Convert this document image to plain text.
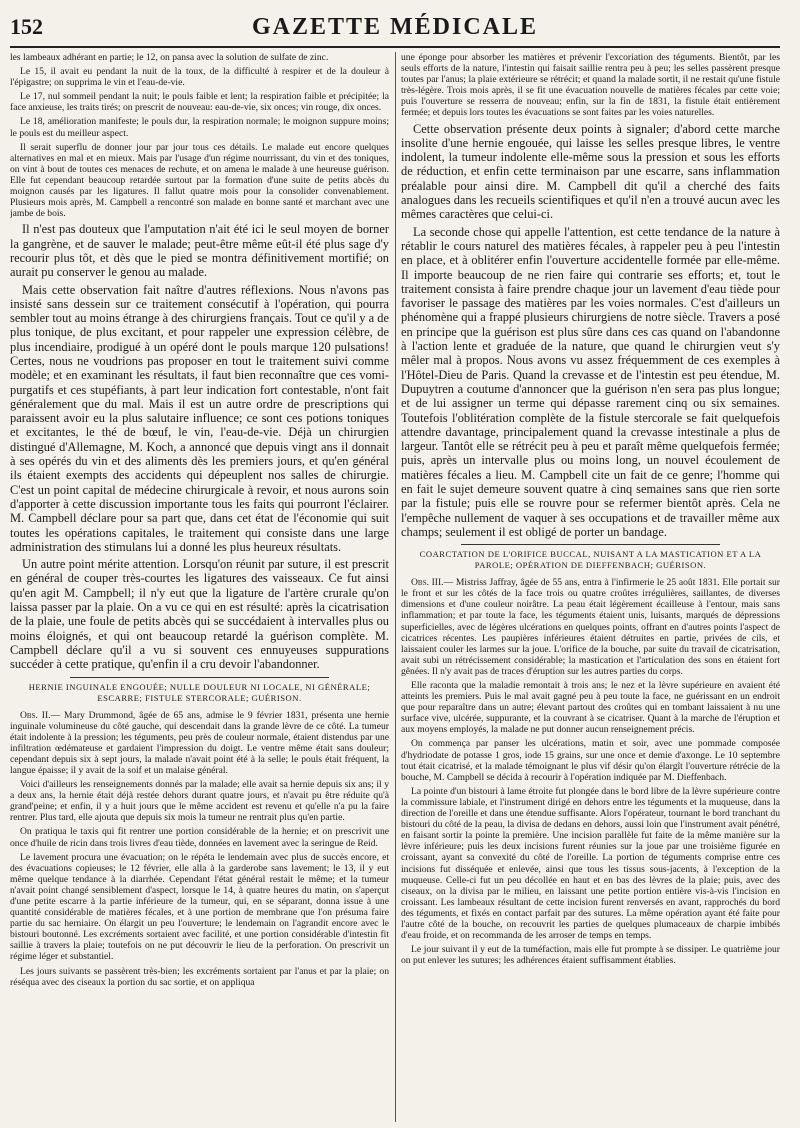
152	GAZETTE MÉDICALE

les lambeaux adhérant en partie; le 12, on pansa avec la solution de sulfate de zinc.

Le 15, il avait eu pendant la nuit de la toux, de la difficulté à respirer et de la douleur à l'épigastre; on supprima le vin et l'eau-de-vie.

Le 17, nul sommeil pendant la nuit; le pouls faible et lent; la respiration faible et précipitée; la face anxieuse, les traits tirés; on prescrit de nouveau: eau-de-vie, six onces; vin rouge, dix onces.

Le 18, amélioration manifeste; le pouls dur, la respiration normale; le moignon suppure moins; le pouls est du meilleur aspect.

Il serait superflu de donner jour par jour tous ces détails. Le malade eut encore quelques alternatives en mal et en mieux. Mais par l'usage d'un régime nourrissant, du vin et des toniques, on vint à bout de toutes ces menaces de rechute, et on amena le malade à une heureuse guérison. Elle fut cependant beaucoup retardée surtout par la formation d'une suite de petits abcès du moignon causés par les ligatures. Il fallut quatre mois pour la consolider convenablement. Plusieurs mois après, M. Campbell a rencontré son malade en bonne santé et marchant avec une jambe de bois.

Il n'est pas douteux que l'amputation n'ait été ici le seul moyen de borner la gangrène, et de sauver le malade; peut-être même eût-il été plus sage d'y recourir plus tôt, et dès que le pied se montra définitivement mortifié; on aurait pu conserver le genou au malade.

Mais cette observation fait naître d'autres réflexions. Nous n'avons pas insisté sans dessein sur ce traitement consécutif à l'opération, qui pourra sembler tout au moins étrange à des chirurgiens français. Tout ce qu'il y a de plus tonique, de plus excitant, et pour rappeler une expression célèbre, de plus incendiaire, prodigué à un opéré dont le pouls marque 120 pulsations! Certes, nous ne voudrions pas proposer en tout le traitement suivi comme modèle; et en examinant les résultats, il faut bien reconnaître que ces vomi-purgatifs et ces stupéfiants, à part leur indication fort contestable, n'ont fait généralement que du mal. Mais il est un autre ordre de prescriptions qui paraissent avoir eu la plus salutaire influence; ce sont ces potions toniques et excitantes, le thé de bœuf, le vin, l'eau-de-vie. Déjà un chirurgien distingué d'Allemagne, M. Koch, a annoncé que depuis vingt ans il donnait à ses opérés du vin et des aliments dès les premiers jours, et qu'en général ils étaient exempts des accidents qui dépeuplent nos salles de chirurgie. C'est un point capital de médecine chirurgicale à revoir, et nous aurons soin d'apporter à cette discussion importante tous les faits qui pourront l'éclairer. M. Campbell déclare pour sa part que, dans cet état de l'économie qui suit toutes les opérations capitales, le traitement qui consiste dans une large administration des stimulans lui a donné les plus heureux résultats.

Un autre point mérite attention. Lorsqu'on réunit par suture, il est prescrit en général de couper très-courtes les ligatures des vaisseaux. Ce fut ainsi qu'en agit M. Campbell; il n'y eut que la ligature de l'artère crurale qu'on laissa passer par la plaie. On a vu ce qui en est résulté: après la cicatrisation de la plaie, une foule de petits abcès qui se succédaient à intervalles plus ou moins éloignés, et qui ont beaucoup retardé la guérison complète. M. Campbell déclare qu'il a vu si souvent ces ennuyeuses suppurations succéder à cette pratique, qu'enfin il a cru devoir l'abandonner.

HERNIE INGUINALE ENGOUÉE; NULLE DOULEUR NI LOCALE, NI GÉNÉRALE; ESCARRE; FISTULE STERCORALE; GUÉRISON.

Obs. II.— Mary Drummond, âgée de 65 ans, admise le 9 février 1831, présenta une hernie inguinale volumineuse du côté gauche, qui descendait dans la grande lèvre de ce côté. La tumeur était indolente à la pression; les téguments, peu près de couleur normale, étaient distendus par une infiltration œdémateuse et gardaient l'impression du doigt. Le ventre même était sans douleur; cependant depuis six à sept jours, la malade n'avait point été à la selle; le pouls était fréquent, la langue épaisse; il y avait de la soif et un malaise général.

Voici d'ailleurs les renseignements donnés par la malade; elle avait sa hernie depuis six ans; il y a deux ans, la hernie était déjà restée dehors durant quatre jours, et n'avait pu être réduite qu'à grand'peine; et enfin, il y a huit jours que le même accident est revenu et qu'elle n'a pu la faire rentrer. Plus tard, elle ajouta que depuis six mois la tumeur ne rentrait plus qu'en partie.

On pratiqua le taxis qui fit rentrer une portion considérable de la hernie; et on prescrivit une once d'huile de ricin dans trois livres d'eau tiède, données en lavement avec la seringue de Reid.

Le lavement procura une évacuation; on le répéta le lendemain avec plus de succès encore, et des évacuations copieuses; le 12 février, elle alla à la garderobe sans lavement; le 13, il y eut même quelque tendance à la diarrhée. Cependant l'état général restait le même; et la tumeur n'avait point changé sensiblement d'aspect, lorsque le 14, à quatre heures du matin, on s'aperçut d'une petite escarre à la partie inférieure de la tumeur, qui, en se séparant, donna issue à une quantité considérable de matières fécales, et à une portion de membrane que l'on présuma faire partie du sac herniaire. On élargit un peu l'ouverture; le lendemain on l'agrandit encore avec le bistouri boutonné. Les excréments sortaient avec facilité, et une portion considérable d'intestin fit saillie à travers la plaie; toutefois on ne put découvrir le lieu de la perforation. On prescrivit un régime léger et substantiel.

Les jours suivants se passèrent très-bien; les excréments sortaient par l'anus et par la plaie; on réséqua avec des ciseaux la portion du sac sortie, et on appliqua

une éponge pour absorber les matières et prévenir l'excoriation des téguments. Bientôt, par les seuls efforts de la nature, l'intestin qui faisait saillie rentra peu à peu; les selles passèrent presque toutes par l'anus; la plaie extérieure se rétrécit; et quand la malade sortit, il ne restait qu'une fistule très-légère. Trois mois après, il se fit une évacuation nouvelle de matières fécales par cette voie; puis l'ouverture se resserra de nouveau; enfin, sur la fin de 1831, la fistule était entièrement fermée; et depuis lors toutes les évacuations se sont faites par les voies naturelles.

Cette observation présente deux points à signaler; d'abord cette marche insolite d'une hernie engouée, qui laisse les selles presque libres, le ventre indolent, la tumeur indolente elle-même sous la pression et sous les efforts de réduction, et enfin cette terminaison par une escarre, sans inflammation préalable pour ainsi dire. M. Campbell dit qu'il a cherché des faits analogues dans les recueils scientifiques et qu'il n'en a trouvé aucun avec les mêmes caractères que celui-ci.

La seconde chose qui appelle l'attention, est cette tendance de la nature à rétablir le cours naturel des matières fécales, à rappeler peu à peu l'intestin en place, et à oblitérer enfin l'ouverture accidentelle formée par elle-même. Il importe beaucoup de ne rien faire qui contrarie ses efforts; et, tout le traitement consista à faire prendre chaque jour un lavement d'eau tiède pour favoriser le passage des matières par les voies normales. C'est d'ailleurs un phénomène qui a frappé plusieurs chirurgiens de notre siècle. Travers a posé en principe que la guérison est plus sûre dans ces cas quand on l'abandonne à l'action lente et graduée de la nature, que quand le chirurgien veut s'y mêler mal à propos. Nous avons vu assez fréquemment de ces exemples à l'Hôtel-Dieu de Paris. Quand la crevasse et de l'intestin est peu étendue, M. Dupuytren a coutume d'annoncer que la guérison n'en sera pas plus longue; et de lui assigner un terme qui dépasse rarement cinq ou six semaines. Toutefois l'oblitération complète de la fistule stercorale se fait quelquefois attendre davantage, principalement quand la crevasse intestinale a plus de largeur. Tantôt elle se rétrécit peu à peu et paraît même quelquefois fermée; puis, après un intervalle plus ou moins long, un nouvel écoulement de matières fécales a lieu. M. Campbell cite un fait de ce genre; l'homme qui en fait le sujet demeure souvent quatre à cinq semaines sans que rien sorte par la fistule; puis elle se rouvre pour se refermer bientôt après. Cela ne l'empêche nullement de vaquer à ses occupations et de travailler même aux champs; seulement il est obligé de porter un bandage.

COARCTATION DE L'ORIFICE BUCCAL, NUISANT A LA MASTICATION ET A LA PAROLE; OPÉRATION DE DIEFFENBACH; GUÉRISON.

Obs. III.— Mistriss Jaffray, âgée de 55 ans, entra à l'infirmerie le 25 août 1831. Elle portait sur le front et sur les côtés de la face trois ou quatre croûtes irrégulières, saillantes, de diverses dimensions et d'une couleur noirâtre. La peau était légèrement écailleuse à l'entour, mais sans inflammation; et par toute la face, les téguments étaient unis, luisants, marqués de dépressions superficielles, avec de légères ulcérations en quelques points, offrant en d'autres points l'aspect de cicatrices récentes. Les paupières inférieures étaient détruites en partie, privées de cils, et laissaient couler les larmes sur la joue. L'orifice de la bouche, par suite du travail de cicatrisation, avait subi un rétrécissement considérable; la mastication et l'articulation des sons en étaient fort gênées. Il n'y avait pas de traces d'éruption sur les autres parties du corps.

Elle raconta que la maladie remontait à trois ans; le nez et la lèvre supérieure en avaient été atteints les premiers. Puis le mal avait gagné peu à peu toute la face, ne guérissant en un endroit que pour reparaître dans un autre; élevant partout des croûtes qui en tombant laissaient à nu une surface vive, ulcérée, suppurante, et la couvrant à se cicatriser. Quant à la marche de l'éruption et aux moyens employés, la malade ne put donner aucun renseignement précis.

On commença par panser les ulcérations, matin et soir, avec une pommade composée d'hydriodate de potasse 1 gros, iode 15 grains, sur une once et demie d'axonge. Le 10 septembre tout était cicatrisé, et la malade témoignant le plus vif désir qu'on élargît l'ouverture rétrécie de la bouche, M. Campbell se décida à recourir à l'opération indiquée par M. Dieffenbach.

La pointe d'un bistouri à lame étroite fut plongée dans le bord libre de la lèvre supérieure contre la commissure labiale, et l'instrument dirigé en dehors entre les téguments et la muqueuse, dans la direction de l'oreille et dans une étendue suffisante. Alors l'opérateur, tournant le bord tranchant du bistouri du côté de la peau, la divisa de dedans en dehors, aussi loin que l'instrument avait pénétré, en faisant sortir la pointe la première. Une incision parallèle fut faite de la même manière sur la lèvre inférieure; puis les deux incisions furent réunies sur la joue par une troisième figurée en croissant, ayant sa convexité du côté de l'oreille. La portion de téguments comprise entre ces incisions fut disséquée et enlevée, ainsi que tous les tissus sous-jacents, à l'exception de la muqueuse. Celle-ci fut un peu décollée en haut et en bas des lèvres de la plaie; puis, avec des ciseaux, on la divisa par le milieu, en laissant une petite portion entière vis-à-vis l'incision en croissant. Les lambeaux résultant de cette incision furent renversés en avant, rapprochés du bord des téguments, et fixés en contact parfait par des sutures. La même opération ayant été faite pour l'autre côté de la bouche, on recouvrit les parties de quelques plumaceaux de charpie imbibés d'eau froide, et on recommanda de les arroser de temps en temps.

Le jour suivant il y eut de la tuméfaction, mais elle fut prompte à se dissiper. Le quatrième jour on put enlever les sutures; les adhérences étaient suffisamment établies.
